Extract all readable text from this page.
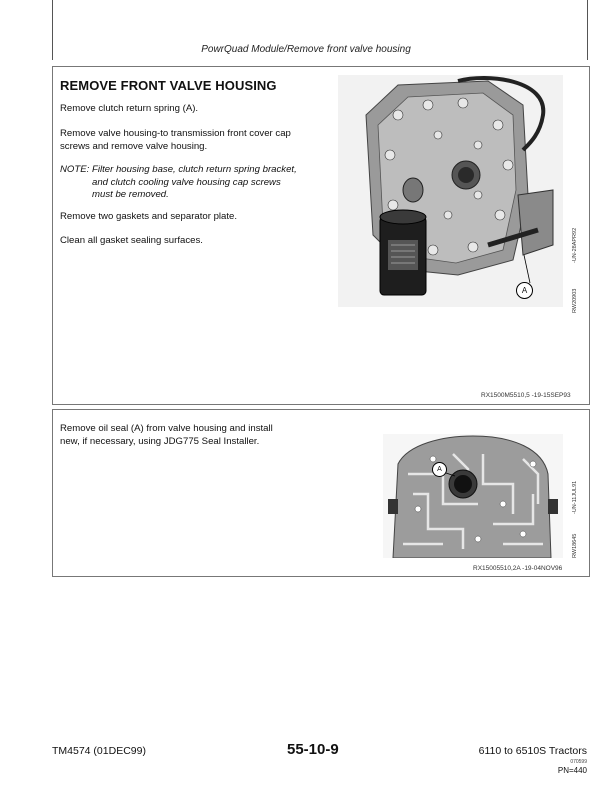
PowrQuad Module/Remove front valve housing
REMOVE FRONT VALVE HOUSING
Remove clutch return spring (A).
Remove valve housing-to transmission front cover cap
screws and remove valve housing.
NOTE: Filter housing base, clutch return spring bracket,
and clutch cooling valve housing cap screws
must be removed.
Remove two gaskets and separator plate.
Clean all gasket sealing surfaces.
A
-UN-28APR92
RW20903
RX1500M5510,5 -19-15SEP93
Remove oil seal (A) from valve housing and install
new, if necessary, using JDG775 Seal Installer.
A
-UN-11JUL91
RW18645
RX15005510,2A -19-04NOV96
TM4574 (01DEC99)	55-10-9	6110 to 6510S Tractors
070599
PN=440
